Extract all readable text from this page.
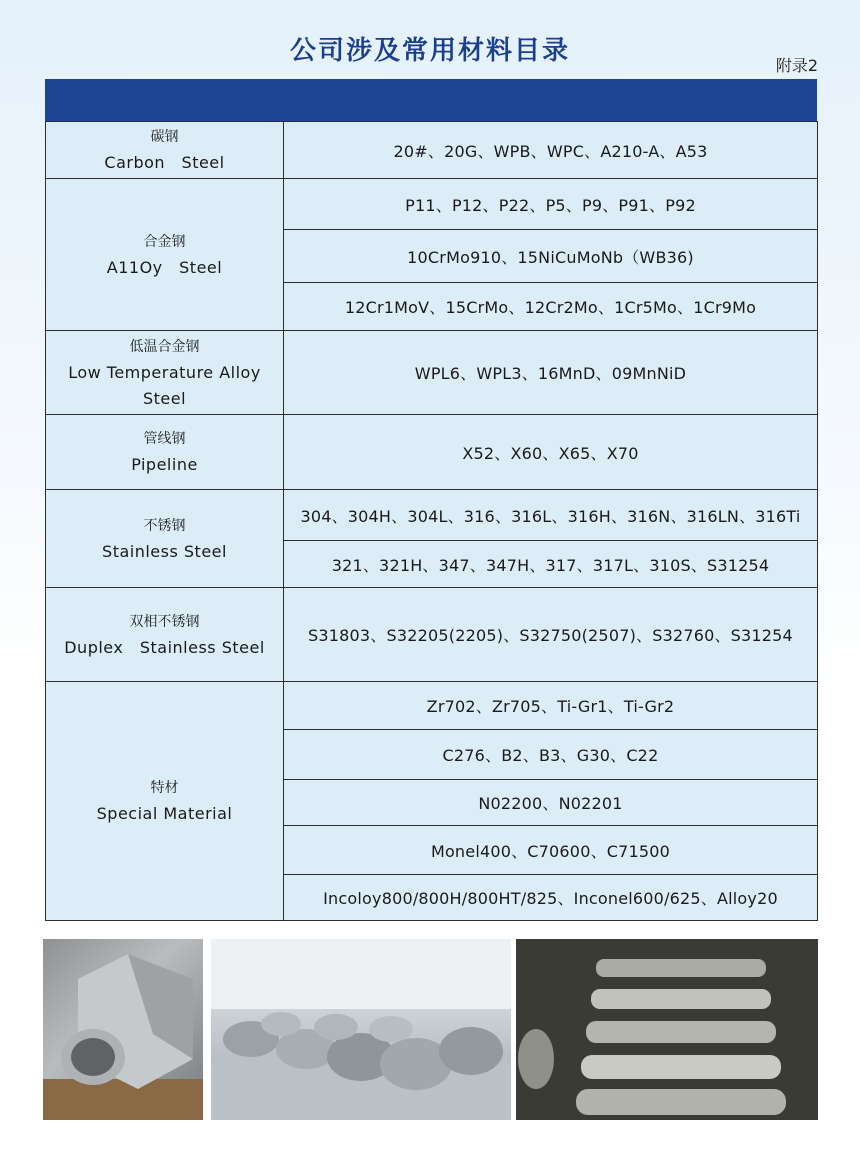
公司涉及常用材料目录	附录2
碳钢
Carbon　Steel	20#、20G、WPB、WPC、A210-A、A53

合金钢
A11Oy　Steel	P11、P12、P22、P5、P9、P91、P92
	10CrMo910、15NiCuMoNb（WB36)
	12Cr1MoV、15CrMo、12Cr2Mo、1Cr5Mo、1Cr9Mo

低温合金钢
Low Temperature Alloy Steel	WPL6、WPL3、16MnD、09MnNiD

管线钢
Pipeline	X52、X60、X65、X70

不锈钢
Stainless Steel	304、304H、304L、316、316L、316H、316N、316LN、316Ti
	321、321H、347、347H、317、317L、310S、S31254

双相不锈钢
Duplex　Stainless Steel	S31803、S32205(2205)、S32750(2507)、S32760、S31254

特材
Special Material	Zr702、Zr705、Ti-Gr1、Ti-Gr2
	C276、B2、B3、G30、C22
	N02200、N02201
	Monel400、C70600、C71500
	Incoloy800/800H/800HT/825、Inconel600/625、Alloy20
